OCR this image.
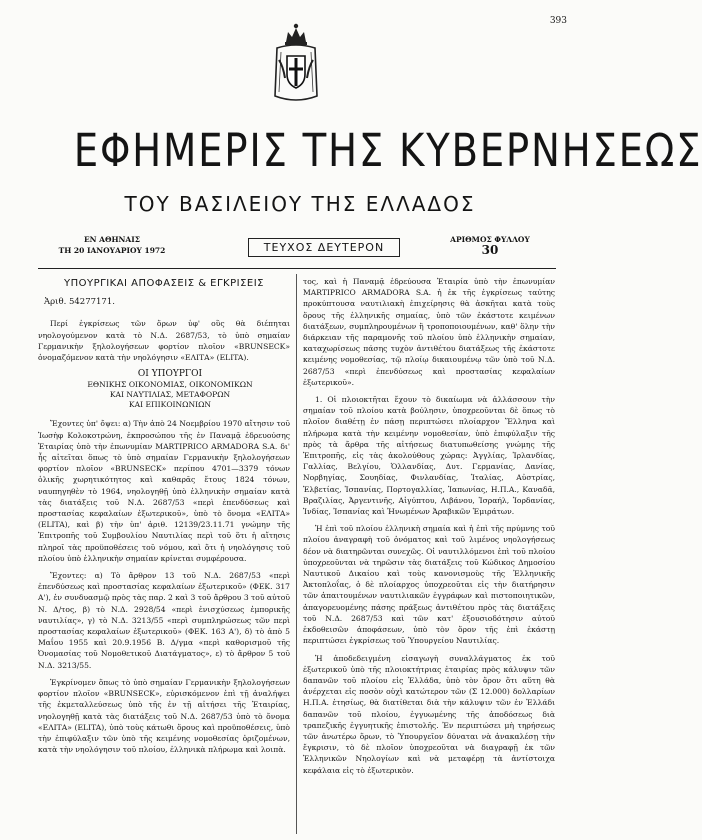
393
ΕΦΗΜΕΡΙΣ ΤΗΣ ΚΥΒΕΡΝΗΣΕΩΣ
ΤΟΥ ΒΑΣΙΛΕΙΟΥ ΤΗΣ ΕΛΛΑΔΟΣ
ΕΝ ΑΘΗΝΑΙΣ
ΤΗ 20 ΙΑΝΟΥΑΡΙΟΥ 1972	ΤΕΥΧΟΣ ΔΕΥΤΕΡΟΝ
ΑΡΙΘΜΟΣ ΦΥΛΛΟΥ
30
ΥΠΟΥΡΓΙΚΑΙ ΑΠΟΦΑΣΕΙΣ & ΕΓΚΡΙΣΕΙΣ
Ἀριθ. 54277171.

Περί ἐγκρίσεως τῶν ὅρων ὑφ' οὓς θὰ διέπηται νηολογούμενον κατὰ τὸ Ν.Δ. 2687/53, τὸ ὑπὸ σημαίαν Γερμανικὴν ξηλολογήσεων φορτίον πλοῖον «BRUNSECK» ὀνομαζόμενον κατὰ τὴν νηολόγησιν «ΕΛΙΤΑ» (ELITA).

ΟΙ ΥΠΟΥΡΓΟΙ

ΕΘΝΙΚΗΣ ΟΙΚΟΝΟΜΙΑΣ, ΟΙΚΟΝΟΜΙΚΩΝ

ΚΑΙ ΝΑΥΤΙΛΙΑΣ, ΜΕΤΑΦΟΡΩΝ

ΚΑΙ ΕΠΙΚΟΙΝΩΝΙΩΝ

Ἔχοντες ὑπ' ὄψει: α) Τὴν ἀπὸ 24 Νοεμβρίου 1970 αἴτησιν τοῦ Ἰωσὴφ Κολοκοτρώνη, ἐκπροσώπου τῆς ἐν Παναμᾷ ἐδρευούσης Ἑταιρίας ὑπὸ τὴν ἐπωνυμίαν MARTIPRICO ARMADORA S.A. δι' ἧς αἰτεῖται ὅπως τὸ ὑπὸ σημαίαν Γερμανικὴν ξηλολογήσεων φορτίον πλοῖον «BRUNSECK» περίπου 4701—3379 τόνων ὁλικῆς χωρητικότητος καὶ καθαρᾶς ἔτους 1824 τόνων, ναυπηγηθὲν τὸ 1964, νηολογηθῇ ὑπὸ ἑλληνικὴν σημαίαν κατὰ τὰς διατάξεις τοῦ Ν.Δ. 2687/53 «περὶ ἐπενδύσεως καὶ προστασίας κεφαλαίων ἐξωτερικοῦ», ὑπὸ τὸ ὄνομα «ΕΛΙΤΑ» (ELITA), καὶ β) τὴν ὑπ' ἀριθ. 12139/23.11.71 γνώμην τῆς Ἐπιτροπῆς τοῦ Συμβουλίου Ναυτιλίας περὶ τοῦ ὅτι ἡ αἴτησις πληροῖ τὰς προϋποθέσεις τοῦ νόμου, καὶ ὅτι ἡ νηολόγησις τοῦ πλοίου ὑπὸ ἑλληνικὴν σημαίαν κρίνεται συμφέρουσα.

Ἔχοντες: α) Τὸ ἄρθρον 13 τοῦ Ν.Δ. 2687/53 «περὶ ἐπενδύσεως καὶ προστασίας κεφαλαίων ἐξωτερικοῦ» (ΦΕΚ. 317 Α'), ἐν συνδυασμῷ πρὸς τὰς παρ. 2 καὶ 3 τοῦ ἄρθρου 3 τοῦ αὐτοῦ Ν. Δ/τος, β) τὸ Ν.Δ. 2928/54 «περὶ ἐνισχύσεως ἐμπορικῆς ναυτιλίας», γ) τὸ Ν.Δ. 3213/55 «περὶ συμπληρώσεως τῶν περὶ προστασίας κεφαλαίων ἐξωτερικοῦ» (ΦΕΚ. 163 Α'), δ) τὸ ἀπὸ 5 Μαΐου 1955 καὶ 20.9.1956 Β. Δ/γμα «περὶ καθορισμοῦ τῆς Ὀνομασίας τοῦ Νομοθετικοῦ Διατάγματος», ε) τὸ ἄρθρον 5 τοῦ Ν.Δ. 3213/55.

Ἐγκρίνομεν ὅπως τὸ ὑπὸ σημαίαν Γερμανικὴν ξηλολογήσεων φορτίον πλοῖον «BRUNSECK», εὑρισκόμενον ἐπὶ τῇ ἀναλήψει τῆς ἐκμεταλλεύσεως ὑπὸ τῆς ἐν τῇ αἰτήσει τῆς Ἑταιρίας, νηολογηθῇ κατὰ τὰς διατάξεις τοῦ Ν.Δ. 2687/53 ὑπὸ τὸ ὄνομα «ΕΛΙΤΑ» (ELITA), ὑπὸ τοὺς κάτωθι ὅρους καὶ προϋποθέσεις, ὑπὸ τὴν ἐπιφύλαξιν τῶν ὑπὸ τῆς κειμένης νομοθεσίας ὁριζομένων, κατὰ τὴν νηολόγησιν τοῦ πλοίου, ἐλληνικὰ πλήρωμα καὶ λοιπὰ.

τος, καὶ ἡ Παναμᾷ ἐδρεύουσα Ἑταιρία ὑπὸ τὴν ἐπωνυμίαν MARTIPRICO ARMADORA S.A. ἡ ἐκ τῆς ἐγκρίσεως ταύτης προκύπτουσα ναυτιλιακὴ ἐπιχείρησις θὰ ἀσκῆται κατὰ τοὺς ὅρους τῆς ἑλληνικῆς σημαίας, ὑπὸ τῶν ἐκάστοτε κειμένων διατάξεων, συμπληρουμένων ἢ τροποποιουμένων, καθ' ὅλην τὴν διάρκειαν τῆς παραμονῆς τοῦ πλοίου ὑπὸ ἑλληνικὴν σημαίαν, καταχωρίσεως πάσης τυχὸν ἀντιθέτου διατάξεως τῆς ἐκάστοτε κειμένης νομοθεσίας, τῷ πλοίῳ δικαιουμένῳ τῶν ὑπὸ τοῦ Ν.Δ. 2687/53 «περὶ ἐπενδύσεως καὶ προστασίας κεφαλαίων ἐξωτερικοῦ».

1. Οἱ πλοιοκτῆται ἔχουν τὸ δικαίωμα νὰ ἀλλάσσουν τὴν σημαίαν τοῦ πλοίου κατὰ βούλησιν, ὑποχρεοῦνται δὲ ὅπως τὸ πλοῖον διαθέτῃ ἐν πάσῃ περιπτώσει πλοίαρχον Ἕλληνα καὶ πλήρωμα κατὰ τὴν κειμένην νομοθεσίαν, ὑπὸ ἐπιφύλαξιν τῆς πρὸς τὰ ἄρθρα τῆς αἰτήσεως διατυπωθείσης γνώμης τῆς Ἐπιτροπῆς, εἰς τὰς ἀκολούθους χώρας: Ἀγγλίας, Ἰρλανδίας, Γαλλίας, Βελγίου, Ὁλλανδίας, Δυτ. Γερμανίας, Δανίας, Νορβηγίας, Σουηδίας, Φινλανδίας, Ἰταλίας, Αὐστρίας, Ἑλβετίας, Ἰσπανίας, Πορτογαλλίας, Ἰαπωνίας, Η.Π.Α., Καναδᾶ, Βραζιλίας, Ἀργεντινῆς, Αἰγύπτου, Λιβάνου, Ἰσραήλ, Ἰορδανίας, Ἰνδίας, Ἰσπανίας καὶ Ἠνωμένων Ἀραβικῶν Ἐμιράτων.

Ἡ ἐπὶ τοῦ πλοίου ἑλληνικὴ σημαία καὶ ἡ ἐπὶ τῆς πρύμνης τοῦ πλοίου ἀναγραφὴ τοῦ ὀνόματος καὶ τοῦ λιμένος νηολογήσεως δέον νὰ διατηρῶνται συνεχῶς. Οἱ ναυτιλλόμενοι ἐπὶ τοῦ πλοίου ὑποχρεοῦνται νὰ τηρῶσιν τὰς διατάξεις τοῦ Κώδικος Δημοσίου Ναυτικοῦ Δικαίου καὶ τοὺς κανονισμοὺς τῆς Ἐλληνικῆς Ἀκτοπλοΐας, ὁ δὲ πλοίαρχος ὑποχρεοῦται εἰς τὴν διατήρησιν τῶν ἀπαιτουμένων ναυτιλιακῶν ἐγγράφων καὶ πιστοποιητικῶν, ἀπαγορευομένης πάσης πράξεως ἀντιθέτου πρὸς τὰς διατάξεις τοῦ Ν.Δ. 2687/53 καὶ τῶν κατ' ἐξουσιοδότησιν αὐτοῦ ἐκδοθεισῶν ἀποφάσεων, ὑπὸ τὸν ὅρον τῆς ἐπὶ ἑκάστῃ περιπτώσει ἐγκρίσεως τοῦ Ὑπουργείου Ναυτιλίας.

Ἡ ἀποδεδειγμένη εἰσαγωγὴ συναλλάγματος ἐκ τοῦ ἐξωτερικοῦ ὑπὸ τῆς πλοιοκτήτριας ἑταιρίας πρὸς κάλυψιν τῶν δαπανῶν τοῦ πλοίου εἰς Ἑλλάδα, ὑπὸ τὸν ὅρον ὅτι αὕτη θὰ ἀνέρχεται εἰς ποσὸν οὐχὶ κατώτερον τῶν (Σ 12.000) δολλαρίων Η.Π.Α. ἐτησίως, θὰ διατίθεται διὰ τὴν κάλυψιν τῶν ἐν Ἑλλάδι δαπανῶν τοῦ πλοίου, ἐγγυωμένης τῆς ἀποδόσεως διὰ τραπεζικῆς ἐγγυητικῆς ἐπιστολῆς. Ἐν περιπτώσει μὴ τηρήσεως τῶν ἀνωτέρω ὅρων, τὸ Ὑπουργεῖον δύναται νὰ ἀνακαλέσῃ τὴν ἔγκρισιν, τὸ δὲ πλοῖον ὑποχρεοῦται νὰ διαγραφῇ ἐκ τῶν Ἑλληνικῶν Νηολογίων καὶ νὰ μεταφέρῃ τὰ ἀντίστοιχα κεφάλαια εἰς τὸ ἐξωτερικὸν.
